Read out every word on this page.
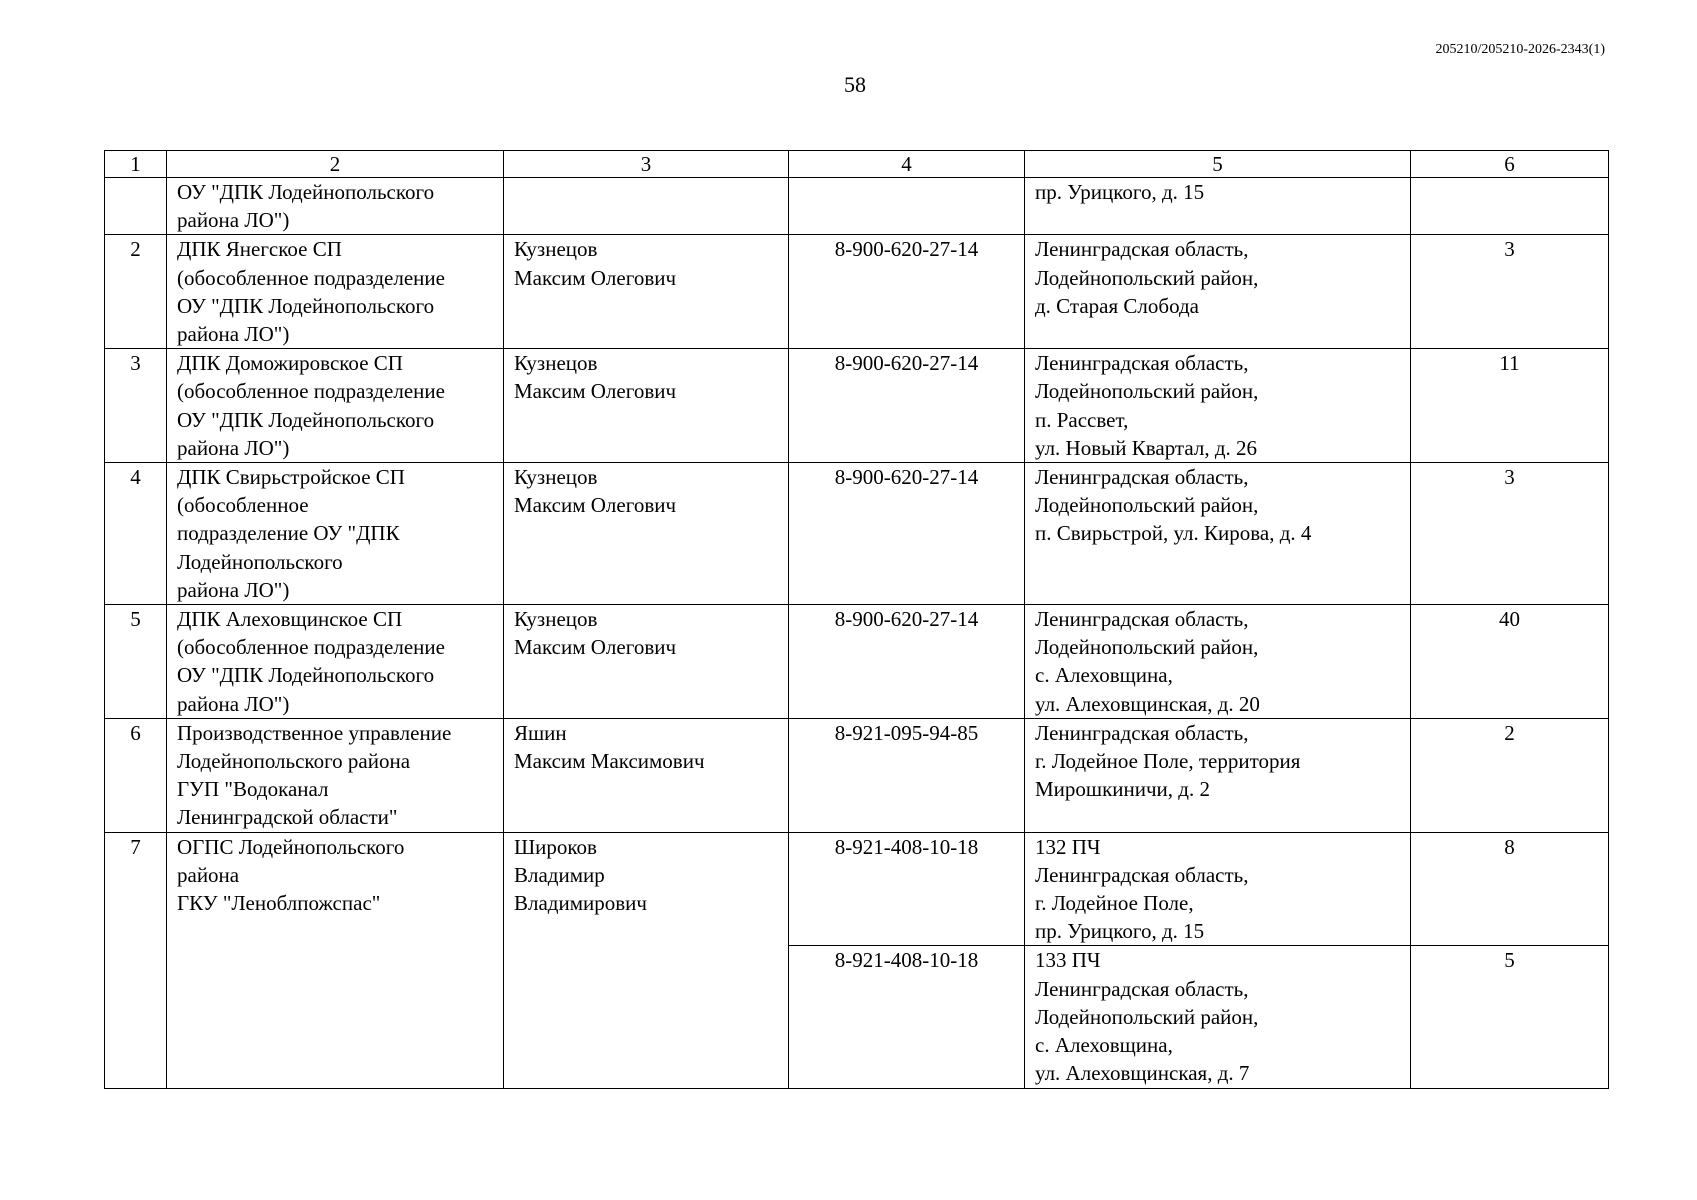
205210/205210-2026-2343(1)
58
1	2	3	4	5	6

	ОУ "ДПК Лодейнопольского
района ЛО")			пр. Урицкого, д. 15	

2	ДПК Янегское СП
(обособленное подразделение
ОУ "ДПК Лодейнопольского
района ЛО")	Кузнецов
Максим Олегович	8-900-620-27-14	Ленинградская область,
Лодейнопольский район,
д. Старая Слобода	3
3	ДПК Доможировское СП
(обособленное подразделение
ОУ "ДПК Лодейнопольского
района ЛО")	Кузнецов
Максим Олегович	8-900-620-27-14	Ленинградская область,
Лодейнопольский район,
п. Рассвет,
ул. Новый Квартал, д. 26	11
4	ДПК Свирьстройское СП
(обособленное
подразделение ОУ "ДПК
Лодейнопольского
района ЛО")	Кузнецов
Максим Олегович	8-900-620-27-14	Ленинградская область,
Лодейнопольский район,
п. Свирьстрой, ул. Кирова, д. 4	3
5	ДПК Алеховщинское СП
(обособленное подразделение
ОУ "ДПК Лодейнопольского
района ЛО")	Кузнецов
Максим Олегович	8-900-620-27-14	Ленинградская область,
Лодейнопольский район,
с. Алеховщина,
ул. Алеховщинская, д. 20	40
6	Производственное управление
Лодейнопольского района
ГУП "Водоканал
Ленинградской области"	Яшин
Максим Максимович	8-921-095-94-85	Ленинградская область,
г. Лодейное Поле, территория
Мирошкиничи, д. 2	2
7	ОГПС Лодейнопольского
района
ГКУ "Леноблпожспас"	Широков
Владимир
Владимирович	8-921-408-10-18	132 ПЧ
Ленинградская область,
г. Лодейное Поле,
пр. Урицкого, д. 15	8
			8-921-408-10-18	133 ПЧ
Ленинградская область,
Лодейнопольский район,
с. Алеховщина,
ул. Алеховщинская, д. 7	5
